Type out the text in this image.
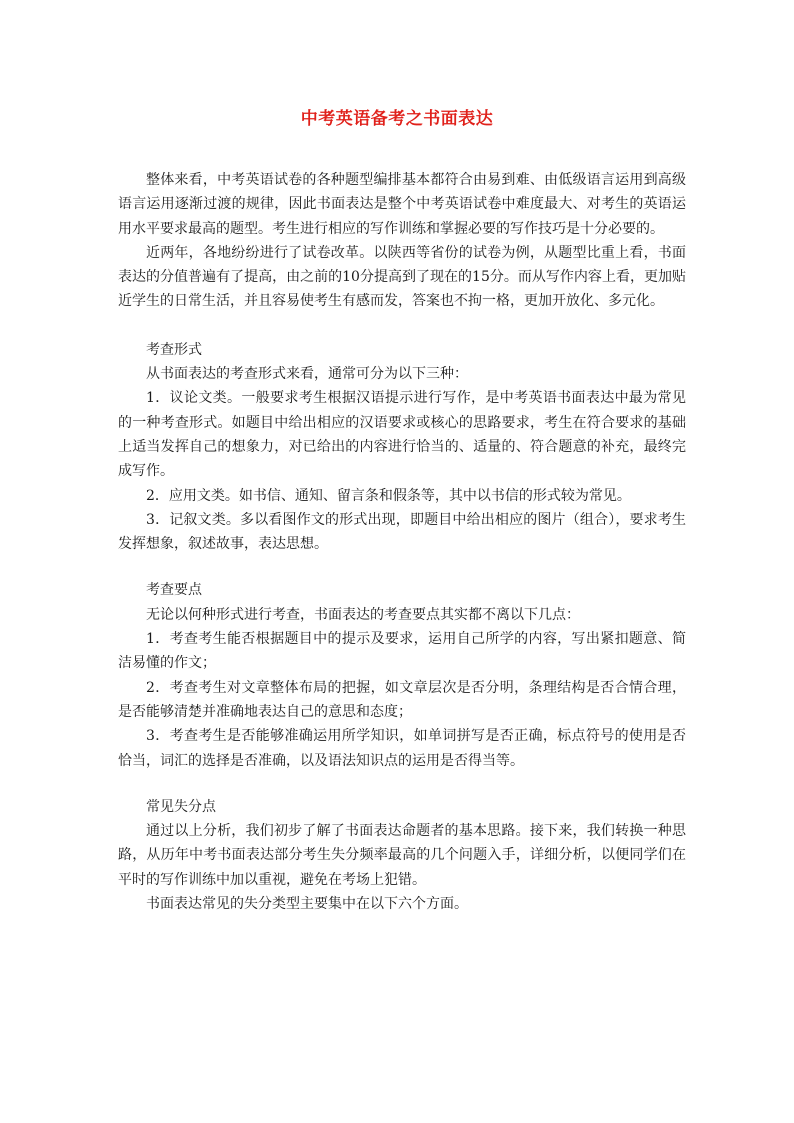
中考英语备考之书面表达

整体来看，中考英语试卷的各种题型编排基本都符合由易到难、由低级语言运用到高级语言运用逐渐过渡的规律，因此书面表达是整个中考英语试卷中难度最大、对考生的英语运用水平要求最高的题型。考生进行相应的写作训练和掌握必要的写作技巧是十分必要的。

近两年，各地纷纷进行了试卷改革。以陕西等省份的试卷为例，从题型比重上看，书面表达的分值普遍有了提高，由之前的10分提高到了现在的15分。而从写作内容上看，更加贴近学生的日常生活，并且容易使考生有感而发，答案也不拘一格，更加开放化、多元化。

考查形式

从书面表达的考查形式来看，通常可分为以下三种：

1．议论文类。一般要求考生根据汉语提示进行写作，是中考英语书面表达中最为常见的一种考查形式。如题目中给出相应的汉语要求或核心的思路要求，考生在符合要求的基础上适当发挥自己的想象力，对已给出的内容进行恰当的、适量的、符合题意的补充，最终完成写作。

2．应用文类。如书信、通知、留言条和假条等，其中以书信的形式较为常见。

3．记叙文类。多以看图作文的形式出现，即题目中给出相应的图片（组合），要求考生发挥想象，叙述故事，表达思想。

考查要点

无论以何种形式进行考查，书面表达的考查要点其实都不离以下几点：

1．考查考生能否根据题目中的提示及要求，运用自己所学的内容，写出紧扣题意、简洁易懂的作文；

2．考查考生对文章整体布局的把握，如文章层次是否分明，条理结构是否合情合理，是否能够清楚并准确地表达自己的意思和态度；

3．考查考生是否能够准确运用所学知识，如单词拼写是否正确，标点符号的使用是否恰当，词汇的选择是否准确，以及语法知识点的运用是否得当等。

常见失分点

通过以上分析，我们初步了解了书面表达命题者的基本思路。接下来，我们转换一种思路，从历年中考书面表达部分考生失分频率最高的几个问题入手，详细分析，以便同学们在平时的写作训练中加以重视，避免在考场上犯错。

书面表达常见的失分类型主要集中在以下六个方面。
